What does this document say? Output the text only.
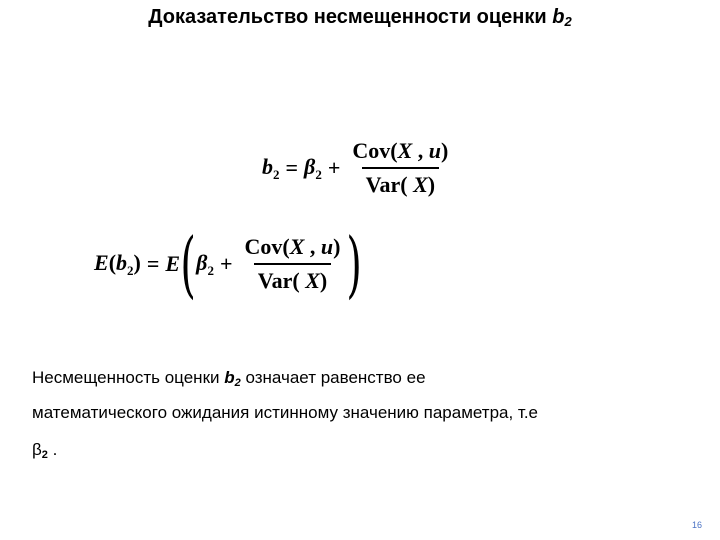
Доказательство несмещенности оценки $b_2$
$b_2 = \beta_2 + \frac{\text{Cov(X , u)}}{\text{Var( X)}}$
$E(b_2) = E$ ( $\beta_2 + \frac{\text{Cov(X , u)}}{\text{Var( X)}}$ )
Несмещенность оценки b2 означает равенство ее
математического ожидания истинному значению параметра, т.е
β2 .
16
